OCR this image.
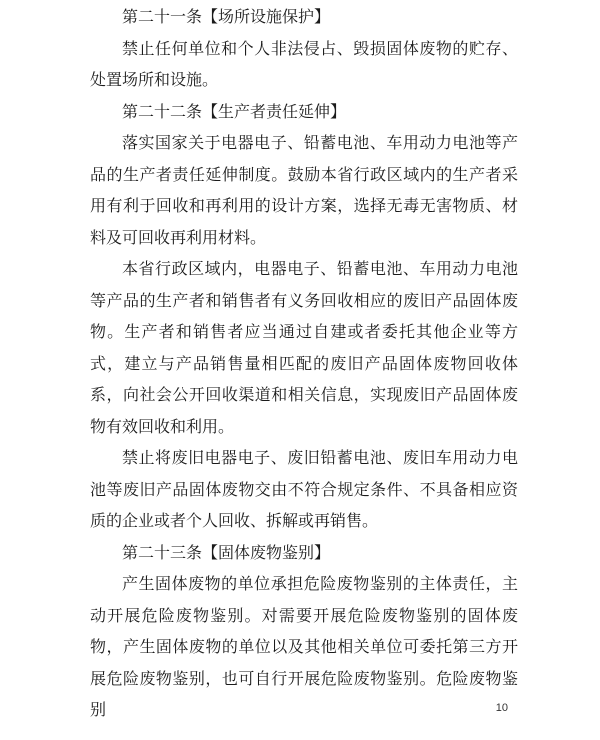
第二十一条【场所设施保护】

禁止任何单位和个人非法侵占、毁损固体废物的贮存、处置场所和设施。

第二十二条【生产者责任延伸】

落实国家关于电器电子、铅蓄电池、车用动力电池等产品的生产者责任延伸制度。鼓励本省行政区域内的生产者采用有利于回收和再利用的设计方案，选择无毒无害物质、材料及可回收再利用材料。

本省行政区域内，电器电子、铅蓄电池、车用动力电池等产品的生产者和销售者有义务回收相应的废旧产品固体废物。生产者和销售者应当通过自建或者委托其他企业等方式，建立与产品销售量相匹配的废旧产品固体废物回收体系，向社会公开回收渠道和相关信息，实现废旧产品固体废物有效回收和利用。

禁止将废旧电器电子、废旧铅蓄电池、废旧车用动力电池等废旧产品固体废物交由不符合规定条件、不具备相应资质的企业或者个人回收、拆解或再销售。

第二十三条【固体废物鉴别】

产生固体废物的单位承担危险废物鉴别的主体责任，主动开展危险废物鉴别。对需要开展危险废物鉴别的固体废物，产生固体废物的单位以及其他相关单位可委托第三方开展危险废物鉴别，也可自行开展危险废物鉴别。危险废物鉴别	10
